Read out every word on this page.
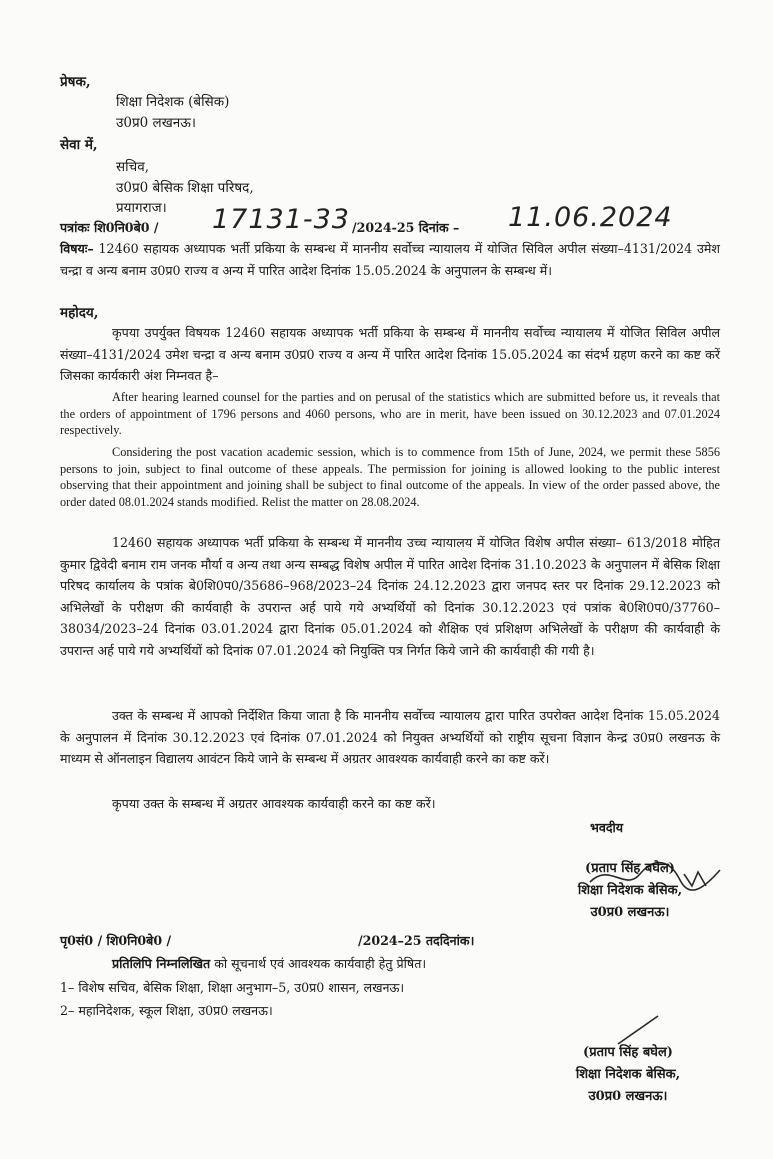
प्रेषक,
शिक्षा निदेशक (बेसिक)
उ0प्र0 लखनऊ।
सेवा में,
सचिव,
उ0प्र0 बेसिक शिक्षा परिषद,
प्रयागराज।
पत्रांकः शि0नि0बे0 / 17131-33 /2024-25 दिनांक – 11.06.2024
विषयः– 12460 सहायक अध्यापक भर्ती प्रकिया के सम्बन्ध में माननीय सर्वोच्च न्यायालय में योजित सिविल अपील संख्या–4131/2024 उमेश चन्द्रा व अन्य बनाम उ0प्र0 राज्य व अन्य में पारित आदेश दिनांक 15.05.2024 के अनुपालन के सम्बन्ध में।
महोदय,
कृपया उपर्युक्त विषयक 12460 सहायक अध्यापक भर्ती प्रकिया के सम्बन्ध में माननीय सर्वोच्च न्यायालय में योजित सिविल अपील संख्या–4131/2024 उमेश चन्द्रा व अन्य बनाम उ0प्र0 राज्य व अन्य में पारित आदेश दिनांक 15.05.2024 का संदर्भ ग्रहण करने का कष्ट करें जिसका कार्यकारी अंश निम्नवत है–
After hearing learned counsel for the parties and on perusal of the statistics which are submitted before us, it reveals that the orders of appointment of 1796 persons and 4060 persons, who are in merit, have been issued on 30.12.2023 and 07.01.2024 respectively.
Considering the post vacation academic session, which is to commence from 15th of June, 2024, we permit these 5856 persons to join, subject to final outcome of these appeals. The permission for joining is allowed looking to the public interest observing that their appointment and joining shall be subject to final outcome of the appeals. In view of the order passed above, the order dated 08.01.2024 stands modified. Relist the matter on 28.08.2024.
12460 सहायक अध्यापक भर्ती प्रकिया के सम्बन्ध में माननीय उच्च न्यायालय में योजित विशेष अपील संख्या– 613/2018 मोहित कुमार द्विवेदी बनाम राम जनक मौर्या व अन्य तथा अन्य सम्बद्ध विशेष अपील में पारित आदेश दिनांक 31.10.2023 के अनुपालन में बेसिक शिक्षा परिषद कार्यालय के पत्रांक बे0शि0प0/35686–968/2023–24 दिनांक 24.12.2023 द्वारा जनपद स्तर पर दिनांक 29.12.2023 को अभिलेखों के परीक्षण की कार्यवाही के उपरान्त अर्ह पाये गये अभ्यर्थियों को दिनांक 30.12.2023 एवं पत्रांक बे0शि0प0/37760–38034/2023–24 दिनांक 03.01.2024 द्वारा दिनांक 05.01.2024 को शैक्षिक एवं प्रशिक्षण अभिलेखों के परीक्षण की कार्यवाही के उपरान्त अर्ह पाये गये अभ्यर्थियों को दिनांक 07.01.2024 को नियुक्ति पत्र निर्गत किये जाने की कार्यवाही की गयी है।
उक्त के सम्बन्ध में आपको निर्देशित किया जाता है कि माननीय सर्वोच्च न्यायालय द्वारा पारित उपरोक्त आदेश दिनांक 15.05.2024 के अनुपालन में दिनांक 30.12.2023 एवं दिनांक 07.01.2024 को नियुक्त अभ्यर्थियों को राष्ट्रीय सूचना विज्ञान केन्द्र उ0प्र0 लखनऊ के माध्यम से ऑनलाइन विद्यालय आवंटन किये जाने के सम्बन्ध में अग्रतर आवश्यक कार्यवाही करने का कष्ट करें।
कृपया उक्त के सम्बन्ध में अग्रतर आवश्यक कार्यवाही करने का कष्ट करें।
भवदीय
(प्रताप सिंह बघेल)
शिक्षा निदेशक बेसिक,
उ0प्र0 लखनऊ।
पृ0सं0 / शि0नि0बे0 /	/2024–25 तददिनांक।
प्रतिलिपि निम्नलिखित को सूचनार्थ एवं आवश्यक कार्यवाही हेतु प्रेषित।
1– विशेष सचिव, बेसिक शिक्षा, शिक्षा अनुभाग–5, उ0प्र0 शासन, लखनऊ।
2– महानिदेशक, स्कूल शिक्षा, उ0प्र0 लखनऊ।
(प्रताप सिंह बघेल)
शिक्षा निदेशक बेसिक,
उ0प्र0 लखनऊ।
